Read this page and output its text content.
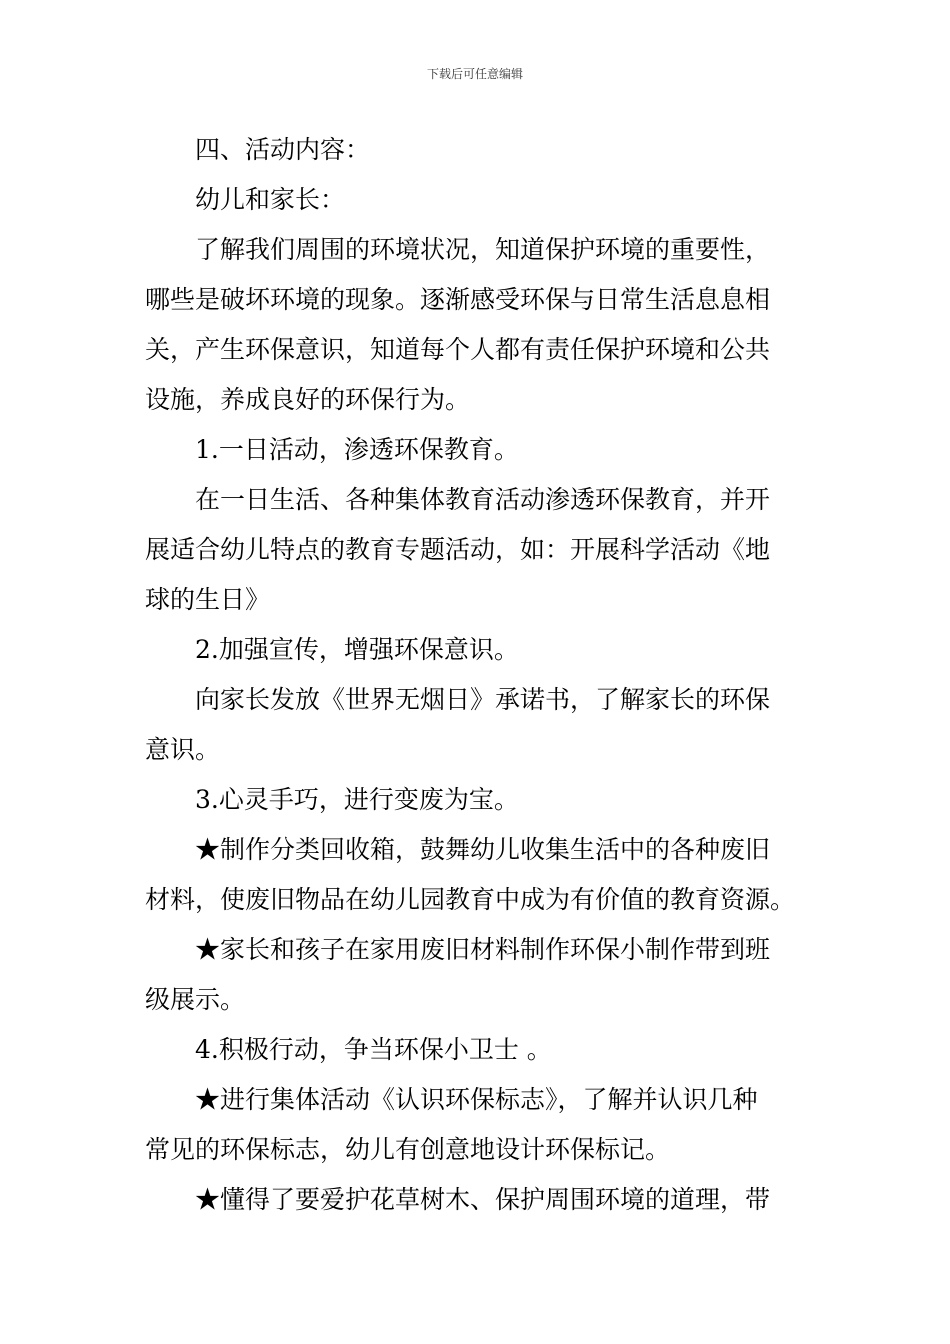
下载后可任意编辑
四、活动内容：
幼儿和家长：
了解我们周围的环境状况，知道保护环境的重要性，
哪些是破坏环境的现象。逐渐感受环保与日常生活息息相
关，产生环保意识，知道每个人都有责任保护环境和公共
设施，养成良好的环保行为。
1.一日活动，渗透环保教育。
在一日生活、各种集体教育活动渗透环保教育，并开
展适合幼儿特点的教育专题活动，如：开展科学活动《地
球的生日》
2.加强宣传，增强环保意识。
向家长发放《世界无烟日》承诺书，了解家长的环保
意识。
3.心灵手巧，进行变废为宝。
★制作分类回收箱，鼓舞幼儿收集生活中的各种废旧
材料，使废旧物品在幼儿园教育中成为有价值的教育资源。
★家长和孩子在家用废旧材料制作环保小制作带到班
级展示。
4.积极行动，争当环保小卫士 。
★进行集体活动《认识环保标志》，了解并认识几种
常见的环保标志，幼儿有创意地设计环保标记。
★懂得了要爱护花草树木、保护周围环境的道理，带
